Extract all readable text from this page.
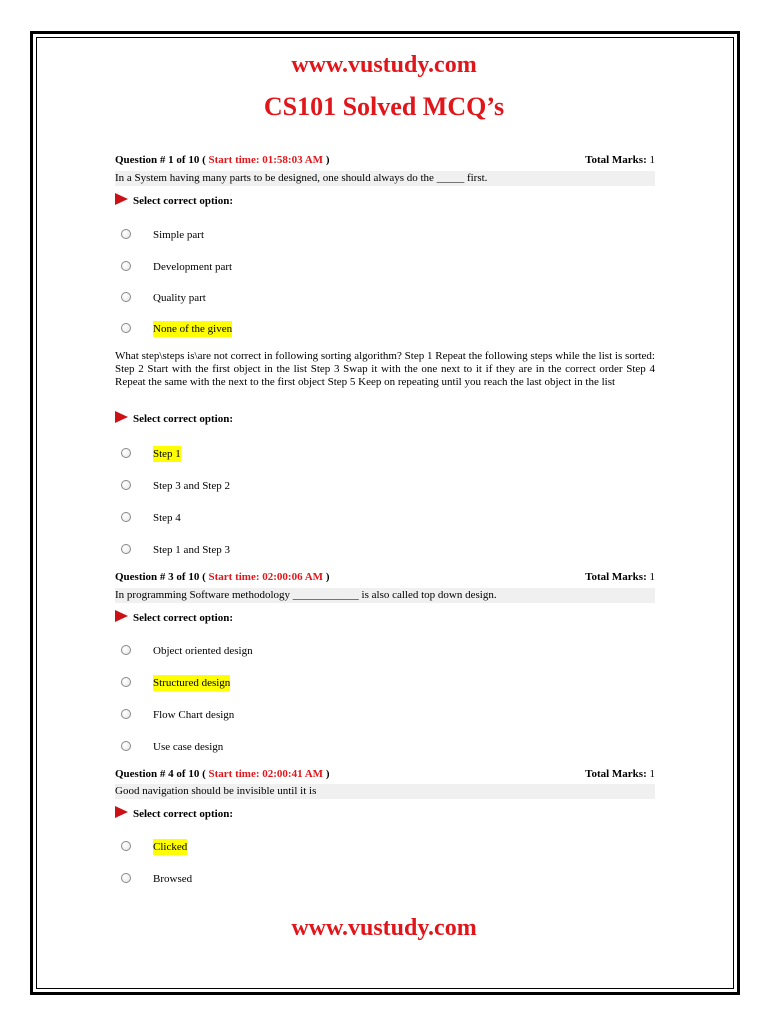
www.vustudy.com
CS101 Solved MCQ’s
Question # 1 of 10 ( Start time: 01:58:03 AM )	Total Marks: 1
In a System having many parts to be designed, one should always do the _____ first.
Select correct option:
Simple part
Development part
Quality part
None of the given
What step\steps is\are not correct in following sorting algorithm? Step 1 Repeat the following steps while the list is sorted: Step 2 Start with the first object in the list Step 3 Swap it with the one next to it if they are in the correct order Step 4 Repeat the same with the next to the first object Step 5 Keep on repeating until you reach the last object in the list
Select correct option:
Step 1
Step 3 and Step 2
Step 4
Step 1 and Step 3
Question # 3 of 10 ( Start time: 02:00:06 AM )	Total Marks: 1
In programming Software methodology ____________ is also called top down design.
Select correct option:
Object oriented design
Structured design
Flow Chart design
Use case design
Question # 4 of 10 ( Start time: 02:00:41 AM )	Total Marks: 1
Good navigation should be invisible until it is
Select correct option:
Clicked
Browsed
www.vustudy.com
